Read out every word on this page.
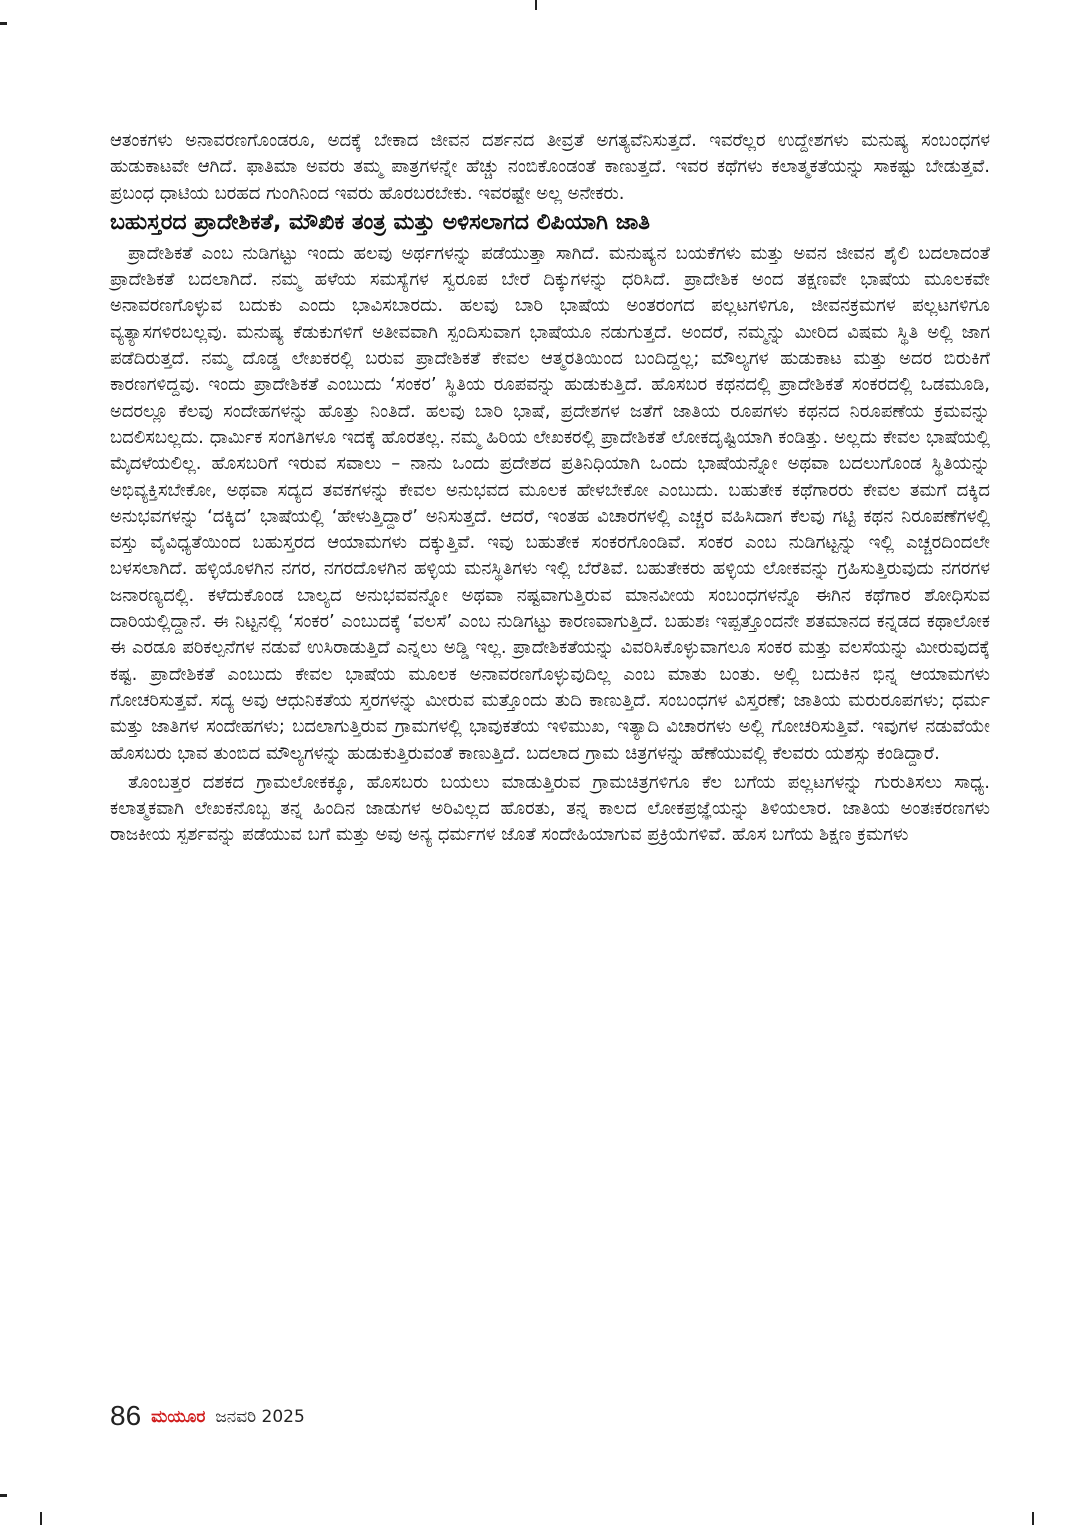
ಆತಂಕಗಳು ಅನಾವರಣಗೊಂಡರೂ, ಅದಕ್ಕೆ ಬೇಕಾದ ಜೀವನ ದರ್ಶನದ ತೀವ್ರತೆ ಅಗತ್ಯವೆನಿಸುತ್ತದೆ. ಇವರೆಲ್ಲರ ಉದ್ದೇಶಗಳು ಮನುಷ್ಯ ಸಂಬಂಧಗಳ ಹುಡುಕಾಟವೇ ಆಗಿದೆ. ಫಾತಿಮಾ ಅವರು ತಮ್ಮ ಪಾತ್ರಗಳನ್ನೇ ಹೆಚ್ಚು ನಂಬಿಕೊಂಡಂತೆ ಕಾಣುತ್ತದೆ. ಇವರ ಕಥೆಗಳು ಕಲಾತ್ಮಕತೆಯನ್ನು ಸಾಕಷ್ಟು ಬೇಡುತ್ತವೆ. ಪ್ರಬಂಧ ಧಾಟಿಯ ಬರಹದ ಗುಂಗಿನಿಂದ ಇವರು ಹೊರಬರಬೇಕು. ಇವರಷ್ಟೇ ಅಲ್ಲ ಅನೇಕರು.

ಬಹುಸ್ತರದ ಪ್ರಾದೇಶಿಕತೆ, ಮೌಖಿಕ ತಂತ್ರ ಮತ್ತು ಅಳಿಸಲಾಗದ ಲಿಪಿಯಾಗಿ ಜಾತಿ

ಪ್ರಾದೇಶಿಕತೆ ಎಂಬ ನುಡಿಗಟ್ಟು ಇಂದು ಹಲವು ಅರ್ಥಗಳನ್ನು ಪಡೆಯುತ್ತಾ ಸಾಗಿದೆ. ಮನುಷ್ಯನ ಬಯಕೆಗಳು ಮತ್ತು ಅವನ ಜೀವನ ಶೈಲಿ ಬದಲಾದಂತೆ ಪ್ರಾದೇಶಿಕತೆ ಬದಲಾಗಿದೆ. ನಮ್ಮ ಹಳೆಯ ಸಮಸ್ಯೆಗಳ ಸ್ವರೂಪ ಬೇರೆ ದಿಕ್ಕುಗಳನ್ನು ಧರಿಸಿದೆ. ಪ್ರಾದೇಶಿಕ ಅಂದ ತಕ್ಷಣವೇ ಭಾಷೆಯ ಮೂಲಕವೇ ಅನಾವರಣಗೊಳ್ಳುವ ಬದುಕು ಎಂದು ಭಾವಿಸಬಾರದು. ಹಲವು ಬಾರಿ ಭಾಷೆಯ ಅಂತರಂಗದ ಪಲ್ಲಟಗಳಿಗೂ, ಜೀವನಕ್ರಮಗಳ ಪಲ್ಲಟಗಳಿಗೂ ವ್ಯತ್ಯಾಸಗಳಿರಬಲ್ಲವು. ಮನುಷ್ಯ ಕೆಡುಕುಗಳಿಗೆ ಅತೀವವಾಗಿ ಸ್ಪಂದಿಸುವಾಗ ಭಾಷೆಯೂ ನಡುಗುತ್ತದೆ. ಅಂದರೆ, ನಮ್ಮನ್ನು ಮೀರಿದ ವಿಷಮ ಸ್ಥಿತಿ ಅಲ್ಲಿ ಜಾಗ ಪಡೆದಿರುತ್ತದೆ. ನಮ್ಮ ದೊಡ್ಡ ಲೇಖಕರಲ್ಲಿ ಬರುವ ಪ್ರಾದೇಶಿಕತೆ ಕೇವಲ ಆತ್ಮರತಿಯಿಂದ ಬಂದಿದ್ದಲ್ಲ; ಮೌಲ್ಯಗಳ ಹುಡುಕಾಟ ಮತ್ತು ಅದರ ಬಿರುಕಿಗೆ ಕಾರಣಗಳಿದ್ದವು. ಇಂದು ಪ್ರಾದೇಶಿಕತೆ ಎಂಬುದು ‘ಸಂಕರ’ ಸ್ಥಿತಿಯ ರೂಪವನ್ನು ಹುಡುಕುತ್ತಿದೆ. ಹೊಸಬರ ಕಥನದಲ್ಲಿ ಪ್ರಾದೇಶಿಕತೆ ಸಂಕರದಲ್ಲಿ ಒಡಮೂಡಿ, ಅದರಲ್ಲೂ ಕೆಲವು ಸಂದೇಹಗಳನ್ನು ಹೊತ್ತು ನಿಂತಿದೆ. ಹಲವು ಬಾರಿ ಭಾಷೆ, ಪ್ರದೇಶಗಳ ಜತೆಗೆ ಜಾತಿಯ ರೂಪಗಳು ಕಥನದ ನಿರೂಪಣೆಯ ಕ್ರಮವನ್ನು ಬದಲಿಸಬಲ್ಲದು. ಧಾರ್ಮಿಕ ಸಂಗತಿಗಳೂ ಇದಕ್ಕೆ ಹೊರತಲ್ಲ. ನಮ್ಮ ಹಿರಿಯ ಲೇಖಕರಲ್ಲಿ ಪ್ರಾದೇಶಿಕತೆ ಲೋಕದೃಷ್ಟಿಯಾಗಿ ಕಂಡಿತ್ತು. ಅಲ್ಲದು ಕೇವಲ ಭಾಷೆಯಲ್ಲಿ ಮೈದಳೆಯಲಿಲ್ಲ. ಹೊಸಬರಿಗೆ ಇರುವ ಸವಾಲು – ನಾನು ಒಂದು ಪ್ರದೇಶದ ಪ್ರತಿನಿಧಿಯಾಗಿ ಒಂದು ಭಾಷೆಯನ್ನೋ ಅಥವಾ ಬದಲುಗೊಂಡ ಸ್ಥಿತಿಯನ್ನು ಅಭಿವ್ಯಕ್ತಿಸಬೇಕೋ, ಅಥವಾ ಸದ್ಯದ ತವಕಗಳನ್ನು ಕೇವಲ ಅನುಭವದ ಮೂಲಕ ಹೇಳಬೇಕೋ ಎಂಬುದು. ಬಹುತೇಕ ಕಥೆಗಾರರು ಕೇವಲ ತಮಗೆ ದಕ್ಕಿದ ಅನುಭವಗಳನ್ನು ‘ದಕ್ಕಿದ’ ಭಾಷೆಯಲ್ಲಿ ‘ಹೇಳುತ್ತಿದ್ದಾರೆ’ ಅನಿಸುತ್ತದೆ. ಆದರೆ, ಇಂತಹ ವಿಚಾರಗಳಲ್ಲಿ ಎಚ್ಚರ ವಹಿಸಿದಾಗ ಕೆಲವು ಗಟ್ಟಿ ಕಥನ ನಿರೂಪಣೆಗಳಲ್ಲಿ ವಸ್ತು ವೈವಿಧ್ಯತೆಯಿಂದ ಬಹುಸ್ತರದ ಆಯಾಮಗಳು ದಕ್ಕುತ್ತಿವೆ. ಇವು ಬಹುತೇಕ ಸಂಕರಗೊಂಡಿವೆ. ಸಂಕರ ಎಂಬ ನುಡಿಗಟ್ಟನ್ನು ಇಲ್ಲಿ ಎಚ್ಚರದಿಂದಲೇ ಬಳಸಲಾಗಿದೆ. ಹಳ್ಳಿಯೊಳಗಿನ ನಗರ, ನಗರದೊಳಗಿನ ಹಳ್ಳಿಯ ಮನಸ್ಥಿತಿಗಳು ಇಲ್ಲಿ ಬೆರೆತಿವೆ. ಬಹುತೇಕರು ಹಳ್ಳಿಯ ಲೋಕವನ್ನು ಗ್ರಹಿಸುತ್ತಿರುವುದು ನಗರಗಳ ಜನಾರಣ್ಯದಲ್ಲಿ. ಕಳೆದುಕೊಂಡ ಬಾಲ್ಯದ ಅನುಭವವನ್ನೋ ಅಥವಾ ನಷ್ಟವಾಗುತ್ತಿರುವ ಮಾನವೀಯ ಸಂಬಂಧಗಳನ್ನೊ ಈಗಿನ ಕಥೆಗಾರ ಶೋಧಿಸುವ ದಾರಿಯಲ್ಲಿದ್ದಾನೆ. ಈ ನಿಟ್ಟನಲ್ಲಿ ‘ಸಂಕರ’ ಎಂಬುದಕ್ಕೆ ‘ವಲಸೆ’ ಎಂಬ ನುಡಿಗಟ್ಟು ಕಾರಣವಾಗುತ್ತಿದೆ. ಬಹುಶಃ ಇಪ್ಪತ್ತೊಂದನೇ ಶತಮಾನದ ಕನ್ನಡದ ಕಥಾಲೋಕ ಈ ಎರಡೂ ಪರಿಕಲ್ಪನೆಗಳ ನಡುವೆ ಉಸಿರಾಡುತ್ತಿದೆ ಎನ್ನಲು ಅಡ್ಡಿ ಇಲ್ಲ. ಪ್ರಾದೇಶಿಕತೆಯನ್ನು ವಿವರಿಸಿಕೊಳ್ಳುವಾಗಲೂ ಸಂಕರ ಮತ್ತು ವಲಸೆಯನ್ನು ಮೀರುವುದಕ್ಕೆ ಕಷ್ಟ. ಪ್ರಾದೇಶಿಕತೆ ಎಂಬುದು ಕೇವಲ ಭಾಷೆಯ ಮೂಲಕ ಅನಾವರಣಗೊಳ್ಳುವುದಿಲ್ಲ ಎಂಬ ಮಾತು ಬಂತು. ಅಲ್ಲಿ ಬದುಕಿನ ಭಿನ್ನ ಆಯಾಮಗಳು ಗೋಚರಿಸುತ್ತವೆ. ಸದ್ಯ ಅವು ಆಧುನಿಕತೆಯ ಸ್ತರಗಳನ್ನು ಮೀರುವ ಮತ್ತೊಂದು ತುದಿ ಕಾಣುತ್ತಿದೆ. ಸಂಬಂಧಗಳ ವಿಸ್ತರಣೆ; ಜಾತಿಯ ಮರುರೂಪಗಳು; ಧರ್ಮ ಮತ್ತು ಜಾತಿಗಳ ಸಂದೇಹಗಳು; ಬದಲಾಗುತ್ತಿರುವ ಗ್ರಾಮಗಳಲ್ಲಿ ಭಾವುಕತೆಯ ಇಳಿಮುಖ, ಇತ್ಯಾದಿ ವಿಚಾರಗಳು ಅಲ್ಲಿ ಗೋಚರಿಸುತ್ತಿವೆ. ಇವುಗಳ ನಡುವೆಯೇ ಹೊಸಬರು ಭಾವ ತುಂಬಿದ ಮೌಲ್ಯಗಳನ್ನು ಹುಡುಕುತ್ತಿರುವಂತೆ ಕಾಣುತ್ತಿದೆ. ಬದಲಾದ ಗ್ರಾಮ ಚಿತ್ರಗಳನ್ನು ಹೆಣೆಯುವಲ್ಲಿ ಕೆಲವರು ಯಶಸ್ಸು ಕಂಡಿದ್ದಾರೆ.

ತೊಂಬತ್ತರ ದಶಕದ ಗ್ರಾಮಲೋಕಕ್ಕೂ, ಹೊಸಬರು ಬಯಲು ಮಾಡುತ್ತಿರುವ ಗ್ರಾಮಚಿತ್ರಗಳಿಗೂ ಕೆಲ ಬಗೆಯ ಪಲ್ಲಟಗಳನ್ನು ಗುರುತಿಸಲು ಸಾಧ್ಯ. ಕಲಾತ್ಮಕವಾಗಿ ಲೇಖಕನೊಬ್ಬ ತನ್ನ ಹಿಂದಿನ ಜಾಡುಗಳ ಅರಿವಿಲ್ಲದ ಹೊರತು, ತನ್ನ ಕಾಲದ ಲೋಕಪ್ರಜ್ಞೆಯನ್ನು ತಿಳಿಯಲಾರ. ಜಾತಿಯ ಅಂತಃಕರಣಗಳು ರಾಜಕೀಯ ಸ್ಪರ್ಶವನ್ನು ಪಡೆಯುವ ಬಗೆ ಮತ್ತು ಅವು ಅನ್ಯ ಧರ್ಮಗಳ ಜೊತೆ ಸಂದೇಹಿಯಾಗುವ ಪ್ರಕ್ರಿಯೆಗಳಿವೆ. ಹೊಸ ಬಗೆಯ ಶಿಕ್ಷಣ ಕ್ರಮಗಳು

86 ಮಯೂರ ಜನವರಿ 2025
